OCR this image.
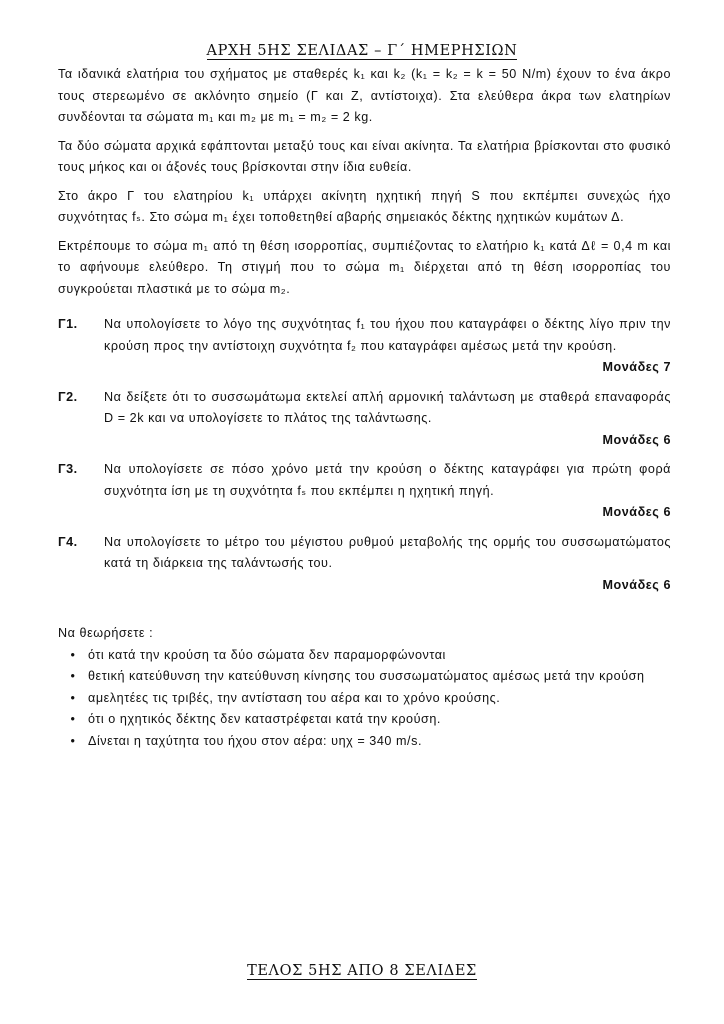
ΑΡΧΗ 5ΗΣ ΣΕΛΙΔΑΣ – Γ΄ ΗΜΕΡΗΣΙΩΝ

Τα ιδανικά ελατήρια του σχήματος με σταθερές k₁ και k₂ (k₁ = k₂ = k = 50 N/m) έχουν το ένα άκρο τους στερεωμένο σε ακλόνητο σημείο (Γ και Ζ, αντίστοιχα). Στα ελεύθερα άκρα των ελατηρίων συνδέονται τα σώματα m₁ και m₂ με m₁ = m₂ = 2 kg.

Τα δύο σώματα αρχικά εφάπτονται μεταξύ τους και είναι ακίνητα. Τα ελατήρια βρίσκονται στο φυσικό τους μήκος και οι άξονές τους βρίσκονται στην ίδια ευθεία.

Στο άκρο Γ του ελατηρίου k₁ υπάρχει ακίνητη ηχητική πηγή S που εκπέμπει συνεχώς ήχο συχνότητας fₛ. Στο σώμα m₁ έχει τοποθετηθεί αβαρής σημειακός δέκτης ηχητικών κυμάτων Δ.

Εκτρέπουμε το σώμα m₁ από τη θέση ισορροπίας, συμπιέζοντας το ελατήριο k₁ κατά Δℓ = 0,4 m και το αφήνουμε ελεύθερο. Τη στιγμή που το σώμα m₁ διέρχεται από τη θέση ισορροπίας του συγκρούεται πλαστικά με το σώμα m₂.

Γ1.	Να υπολογίσετε το λόγο της συχνότητας f₁ του ήχου που καταγράφει ο δέκτης λίγο πριν την κρούση προς την αντίστοιχη συχνότητα f₂ που καταγράφει αμέσως μετά την κρούση.

Μονάδες 7

Γ2.	Να δείξετε ότι το συσσωμάτωμα εκτελεί απλή αρμονική ταλάντωση με σταθερά επαναφοράς D = 2k και να υπολογίσετε το πλάτος της ταλάντωσης.

Μονάδες 6

Γ3.	Να υπολογίσετε σε πόσο χρόνο μετά την κρούση ο δέκτης καταγράφει για πρώτη φορά συχνότητα ίση με τη συχνότητα fₛ που εκπέμπει η ηχητική πηγή.

Μονάδες 6

Γ4.	Να υπολογίσετε το μέτρο του μέγιστου ρυθμού μεταβολής της ορμής του συσσωματώματος κατά τη διάρκεια της ταλάντωσής του.

Μονάδες 6

Να θεωρήσετε :

•
ότι κατά την κρούση τα δύο σώματα δεν παραμορφώνονται
•
θετική κατεύθυνση την κατεύθυνση κίνησης του συσσωματώματος αμέσως μετά την κρούση
•
αμελητέες τις τριβές, την αντίσταση του αέρα και το χρόνο κρούσης.
•
ότι ο ηχητικός δέκτης δεν καταστρέφεται κατά την κρούση.
•
Δίνεται η ταχύτητα του ήχου στον αέρα: υηχ = 340 m/s.
ΤΕΛΟΣ 5ΗΣ ΑΠΟ 8 ΣΕΛΙΔΕΣ
